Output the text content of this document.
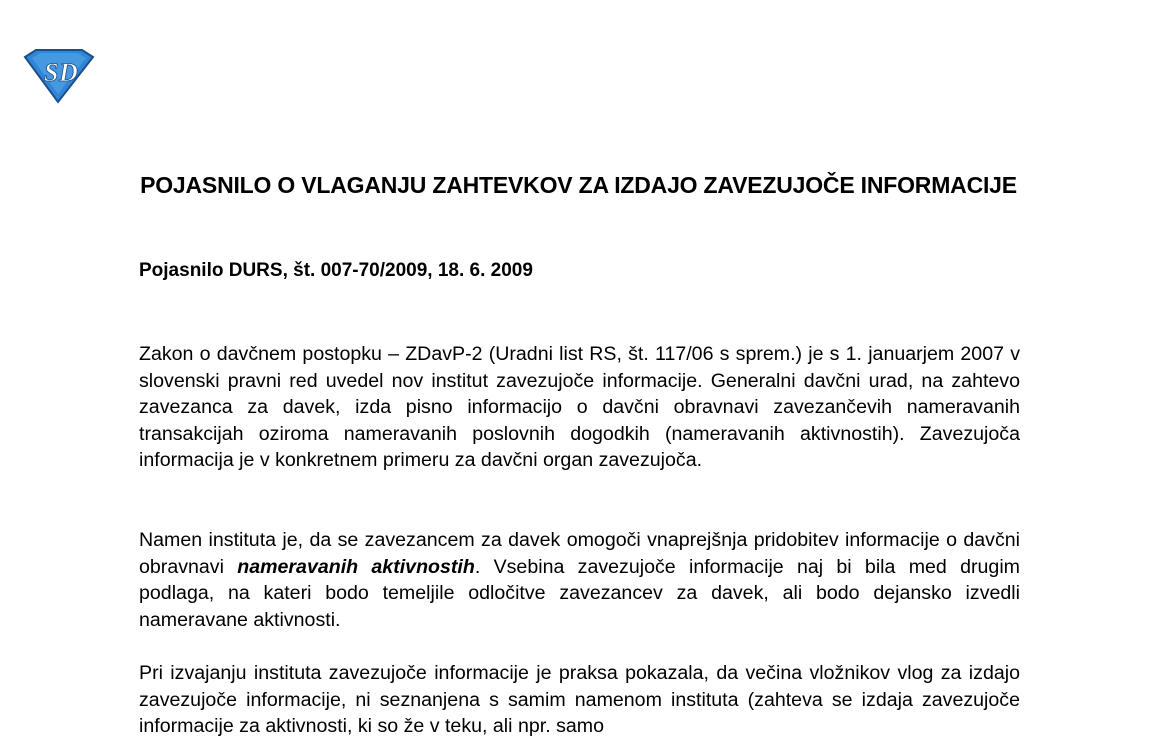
S D
POJASNILO O VLAGANJU ZAHTEVKOV ZA IZDAJO ZAVEZUJOČE INFORMACIJE
Pojasnilo DURS, št. 007-70/2009, 18. 6. 2009

Zakon o davčnem postopku – ZDavP-2 (Uradni list RS, št. 117/06 s sprem.) je s 1. januarjem 2007 v slovenski pravni red uvedel nov institut zavezujoče informacije. Generalni davčni urad, na zahtevo zavezanca za davek, izda pisno informacijo o davčni obravnavi zavezančevih nameravanih transakcijah oziroma nameravanih poslovnih dogodkih (nameravanih aktivnostih). Zavezujoča informacija je v konkretnem primeru za davčni organ zavezujoča.

Namen instituta je, da se zavezancem za davek omogoči vnaprejšnja pridobitev informacije o davčni obravnavi nameravanih aktivnostih. Vsebina zavezujoče informacije naj bi bila med drugim podlaga, na kateri bodo temeljile odločitve zavezancev za davek, ali bodo dejansko izvedli nameravane aktivnosti.

Pri izvajanju instituta zavezujoče informacije je praksa pokazala, da večina vložnikov vlog za izdajo zavezujoče informacije, ni seznanjena s samim namenom instituta (zahteva se izdaja zavezujoče informacije za aktivnosti, ki so že v teku, ali npr. samo
